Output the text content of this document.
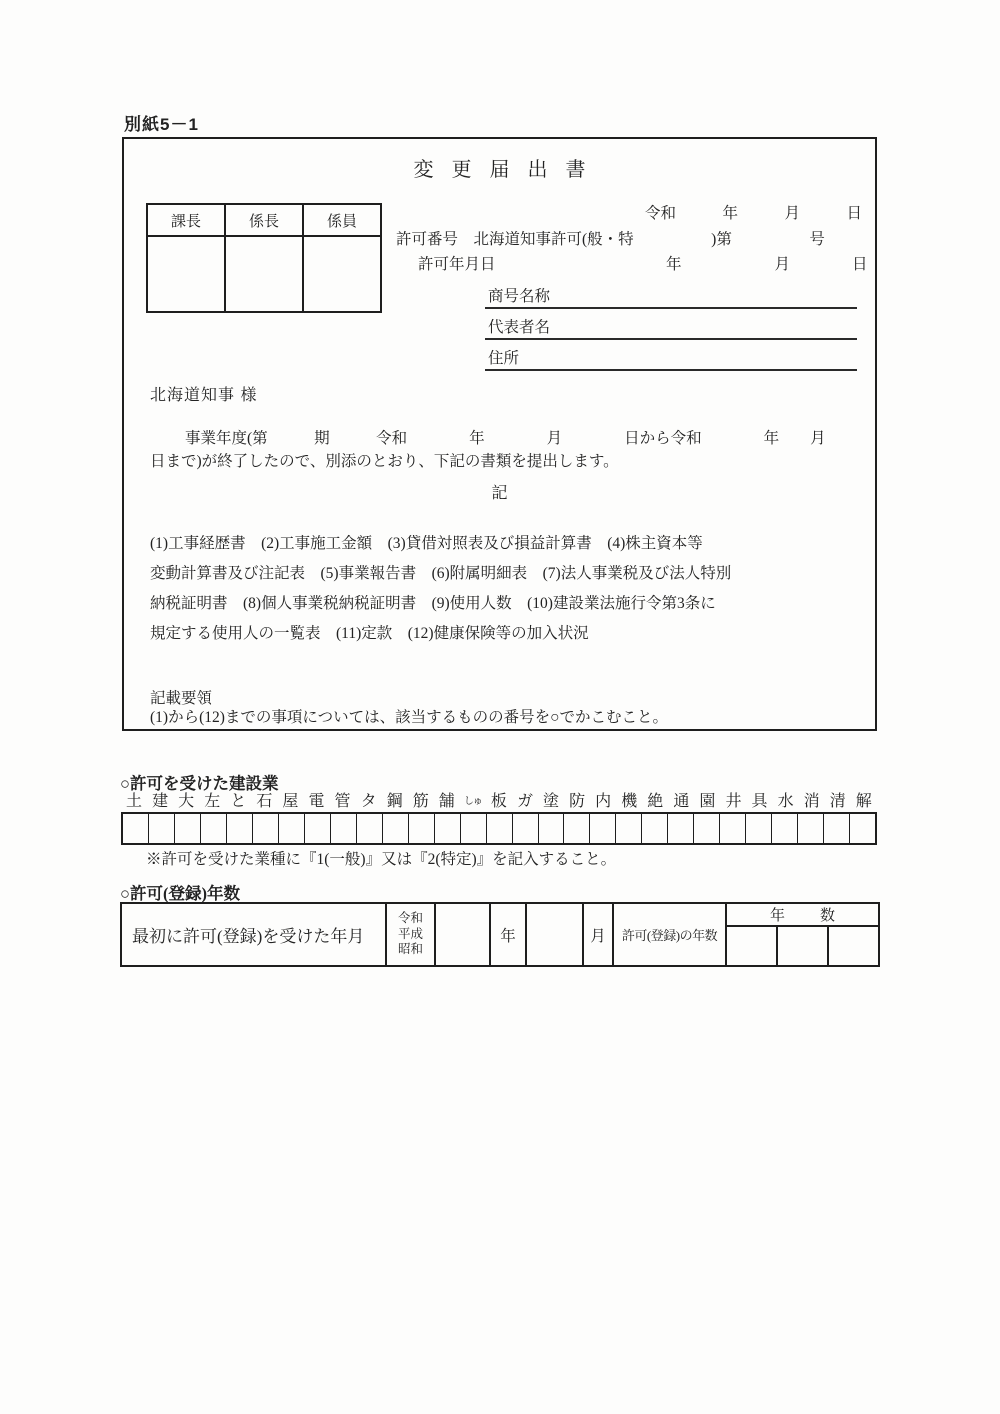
別紙5－1
変更届出書
課長	係長	係員
			令和　　　年　　　月　　　日
許可番号　北海道知事許可(般・特　　　　　)第　　　　　号
許可年月日　　　　　　　　　　　年　　　　　　月　　　　日
商号名称
代表者名
住所
北海道知事 様
事業年度(第　　　期　　　令和　　　　年　　　　月　　　　日から令和　　　　年　　月
日まで)が終了したので、別添のとおり、下記の書類を提出します。
記
(1)工事経歴書　(2)工事施工金額　(3)貸借対照表及び損益計算書　(4)株主資本等
変動計算書及び注記表　(5)事業報告書　(6)附属明細表　(7)法人事業税及び法人特別
納税証明書　(8)個人事業税納税証明書　(9)使用人数　(10)建設業法施行令第3条に
規定する使用人の一覧表　(11)定款　(12)健康保険等の加入状況
記載要領
(1)から(12)までの事項については、該当するものの番号を○でかこむこと。
○許可を受けた建設業
土 建 大 左 と 石 屋 電 管 タ 鋼 筋 舗 しゅ 板 ガ 塗 防 内 機 絶 通 園 井 具 水 消 清 解
※許可を受けた業種に『1(一般)』又は『2(特定)』を記入すること。
○許可(登録)年数
最初に許可(登録)を受けた年月	令和
平成
昭和		年		月	許可(登録)の年数	年　数		
